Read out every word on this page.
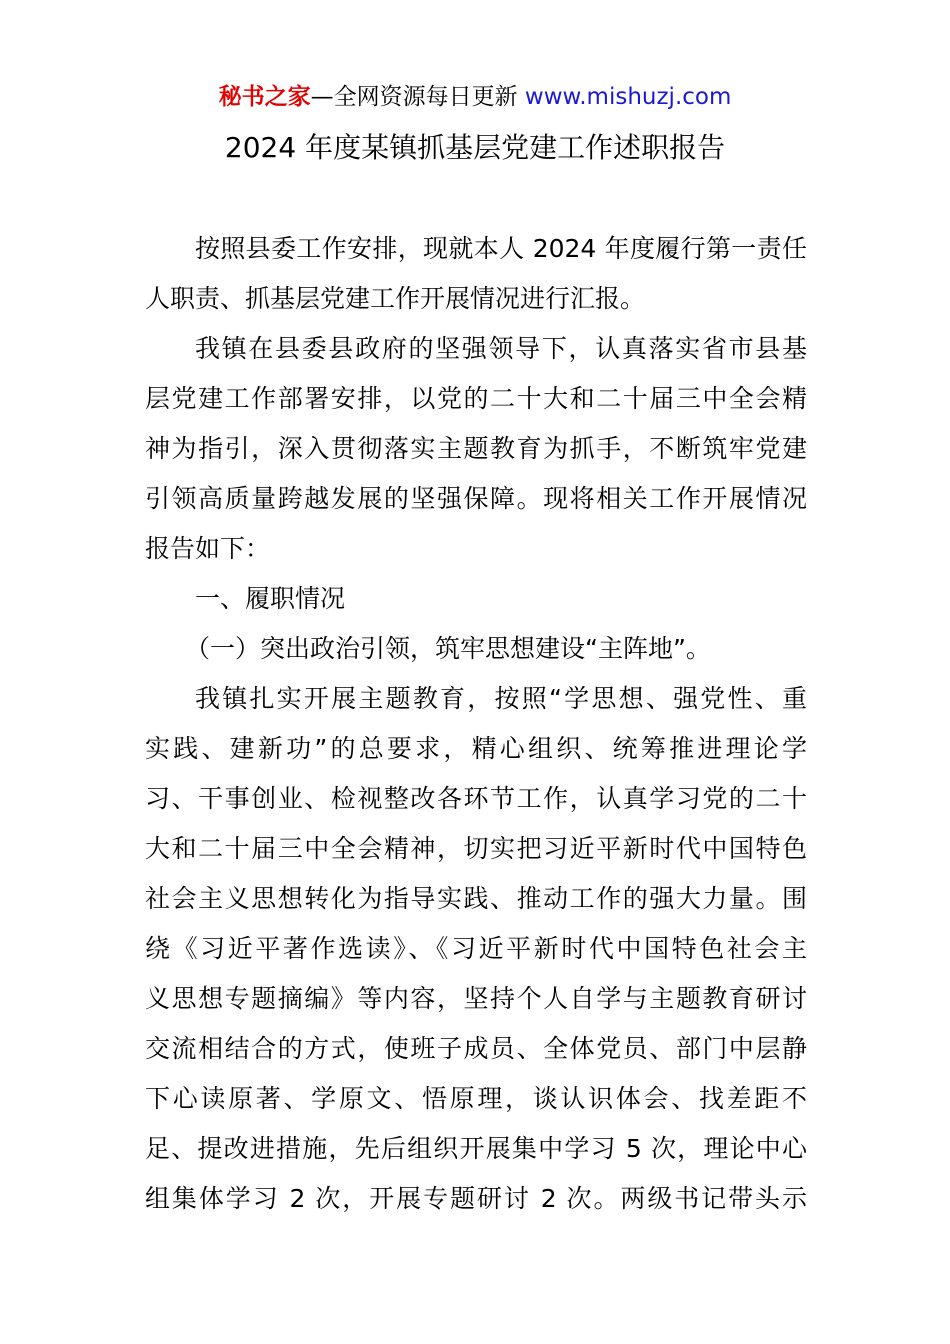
秘书之家—全网资源每日更新 www.mishuzj.com
2024 年度某镇抓基层党建工作述职报告
按照县委工作安排，现就本人 2024 年度履行第一责任
人职责、抓基层党建工作开展情况进行汇报。
我镇在县委县政府的坚强领导下，认真落实省市县基
层党建工作部署安排，以党的二十大和二十届三中全会精
神为指引，深入贯彻落实主题教育为抓手，不断筑牢党建
引领高质量跨越发展的坚强保障。现将相关工作开展情况
报告如下：
一、履职情况
（一）突出政治引领，筑牢思想建设“主阵地”。
我镇扎实开展主题教育，按照“学思想、强党性、重
实践、建新功”的总要求，精心组织、统筹推进理论学
习、干事创业、检视整改各环节工作，认真学习党的二十
大和二十届三中全会精神，切实把习近平新时代中国特色
社会主义思想转化为指导实践、推动工作的强大力量。围
绕《习近平著作选读》、《习近平新时代中国特色社会主
义思想专题摘编》等内容，坚持个人自学与主题教育研讨
交流相结合的方式，使班子成员、全体党员、部门中层静
下心读原著、学原文、悟原理，谈认识体会、找差距不
足、提改进措施，先后组织开展集中学习 5 次，理论中心
组集体学习 2 次，开展专题研讨 2 次。两级书记带头示
